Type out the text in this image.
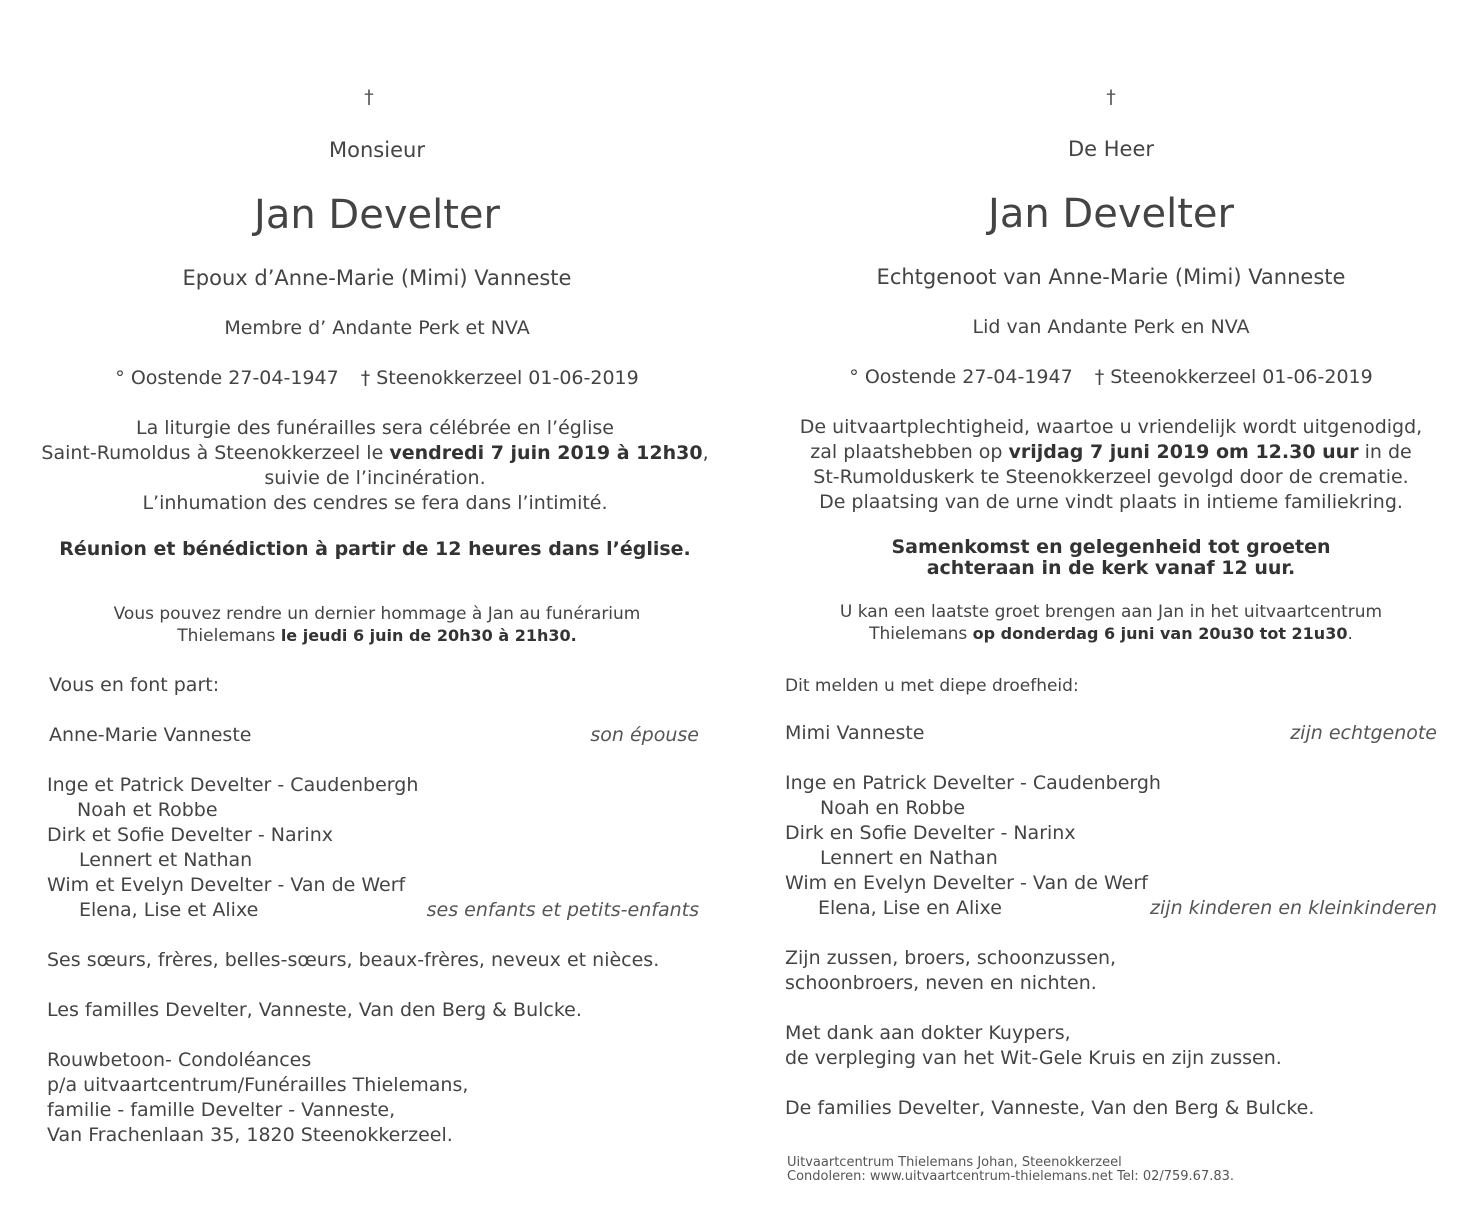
†
Monsieur
Jan Develter
Epoux d’Anne-Marie (Mimi) Vanneste
Membre d’ Andante Perk et NVA
° Oostende 27-04-1947 † Steenokkerzeel 01-06-2019
La liturgie des funérailles sera célébrée en l’église
Saint-Rumoldus à Steenokkerzeel le vendredi 7 juin 2019 à 12h30,
suivie de l’incinération.
L’inhumation des cendres se fera dans l’intimité.
Réunion et bénédiction à partir de 12 heures dans l’église.
Vous pouvez rendre un dernier hommage à Jan au funérarium
Thielemans le jeudi 6 juin de 20h30 à 21h30.
Vous en font part:
Anne-Marie Vanneste	son épouse
Inge et Patrick Develter - Caudenbergh
Noah et Robbe
Dirk et Sofie Develter - Narinx
Lennert et Nathan
Wim et Evelyn Develter - Van de Werf
Elena, Lise et Alixe	ses enfants et petits-enfants
Ses sœurs, frères, belles-sœurs, beaux-frères, neveux et nièces.
Les familles Develter, Vanneste, Van den Berg & Bulcke.
Rouwbetoon- Condoléances
p/a uitvaartcentrum/Funérailles Thielemans,
familie - famille Develter - Vanneste,
Van Frachenlaan 35, 1820 Steenokkerzeel.
†
De Heer
Jan Develter
Echtgenoot van Anne-Marie (Mimi) Vanneste
Lid van Andante Perk en NVA
° Oostende 27-04-1947 † Steenokkerzeel 01-06-2019
De uitvaartplechtigheid, waartoe u vriendelijk wordt uitgenodigd,
zal plaatshebben op vrijdag 7 juni 2019 om 12.30 uur in de
St-Rumolduskerk te Steenokkerzeel gevolgd door de crematie.
De plaatsing van de urne vindt plaats in intieme familiekring.
Samenkomst en gelegenheid tot groeten
achteraan in de kerk vanaf 12 uur.
U kan een laatste groet brengen aan Jan in het uitvaartcentrum
Thielemans op donderdag 6 juni van 20u30 tot 21u30.
Dit melden u met diepe droefheid:
Mimi Vanneste	zijn echtgenote
Inge en Patrick Develter - Caudenbergh
Noah en Robbe
Dirk en Sofie Develter - Narinx
Lennert en Nathan
Wim en Evelyn Develter - Van de Werf
Elena, Lise en Alixe	zijn kinderen en kleinkinderen
Zijn zussen, broers, schoonzussen,
schoonbroers, neven en nichten.
Met dank aan dokter Kuypers,
de verpleging van het Wit-Gele Kruis en zijn zussen.
De families Develter, Vanneste, Van den Berg & Bulcke.
Uitvaartcentrum Thielemans Johan, Steenokkerzeel
Condoleren: www.uitvaartcentrum-thielemans.net Tel: 02/759.67.83.
